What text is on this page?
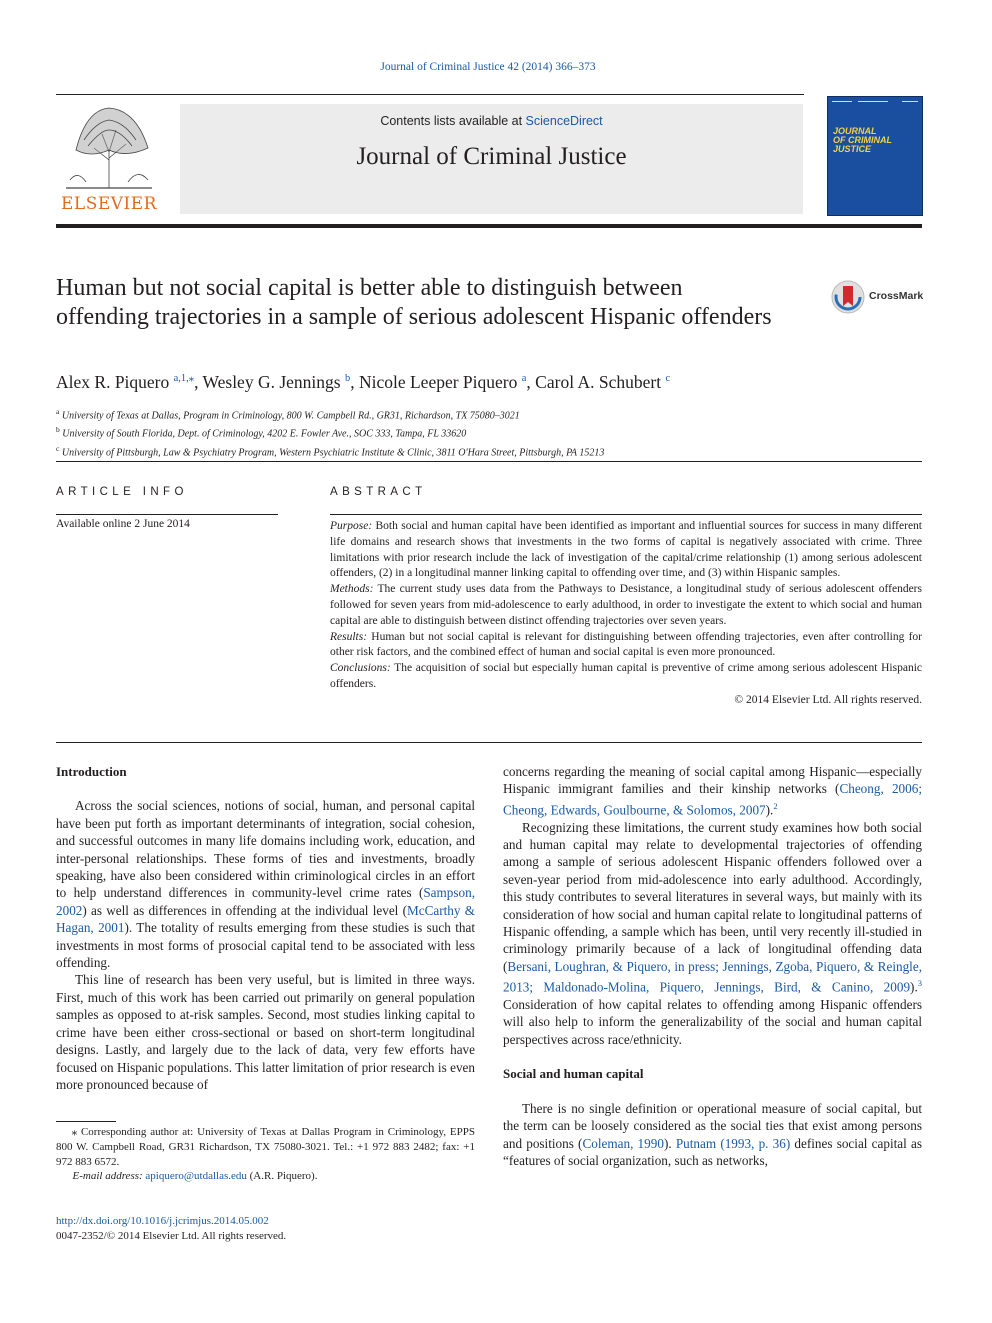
Journal of Criminal Justice 42 (2014) 366–373
ELSEVIER
Contents lists available at ScienceDirect
Journal of Criminal Justice
JOURNAL
OF CRIMINAL
JUSTICE
Human but not social capital is better able to distinguish between offending trajectories in a sample of serious adolescent Hispanic offenders
CrossMark
Alex R. Piquero $^{a,1,⁎}$, Wesley G. Jennings $^b$, Nicole Leeper Piquero $^a$, Carol A. Schubert $^c$
$^a$ University of Texas at Dallas, Program in Criminology, 800 W. Campbell Rd., GR31, Richardson, TX 75080–3021
$^b$ University of South Florida, Dept. of Criminology, 4202 E. Fowler Ave., SOC 333, Tampa, FL 33620
$^c$ University of Pittsburgh, Law & Psychiatry Program, Western Psychiatric Institute & Clinic, 3811 O'Hara Street, Pittsburgh, PA 15213
ARTICLE INFO	ABSTRACT
Available online 2 June 2014	Purpose: Both social and human capital have been identified as important and influential sources for success in many different life domains and research shows that investments in the two forms of capital is negatively associated with crime. Three limitations with prior research include the lack of investigation of the capital/crime relationship (1) among serious adolescent offenders, (2) in a longitudinal manner linking capital to offending over time, and (3) within Hispanic samples.

Methods: The current study uses data from the Pathways to Desistance, a longitudinal study of serious adolescent offenders followed for seven years from mid-adolescence to early adulthood, in order to investigate the extent to which social and human capital are able to distinguish between distinct offending trajectories over seven years.

Results: Human but not social capital is relevant for distinguishing between offending trajectories, even after controlling for other risk factors, and the combined effect of human and social capital is even more pronounced.

Conclusions: The acquisition of social but especially human capital is preventive of crime among serious adolescent Hispanic offenders.

© 2014 Elsevier Ltd. All rights reserved.

Introduction

Across the social sciences, notions of social, human, and personal capital have been put forth as important determinants of integration, social cohesion, and successful outcomes in many life domains including work, education, and inter-personal relationships. These forms of ties and investments, broadly speaking, have also been considered within criminological circles in an effort to help understand differences in community-level crime rates (Sampson, 2002) as well as differences in offending at the individual level (McCarthy & Hagan, 2001). The totality of results emerging from these studies is such that investments in most forms of prosocial capital tend to be associated with less offending.

This line of research has been very useful, but is limited in three ways. First, much of this work has been carried out primarily on general population samples as opposed to at-risk samples. Second, most studies linking capital to crime have been either cross-sectional or based on short-term longitudinal designs. Lastly, and largely due to the lack of data, very few efforts have focused on Hispanic populations. This latter limitation of prior research is even more pronounced because of

concerns regarding the meaning of social capital among Hispanic—especially Hispanic immigrant families and their kinship networks (Cheong, 2006; Cheong, Edwards, Goulbourne, & Solomos, 2007).$^2$

Recognizing these limitations, the current study examines how both social and human capital may relate to developmental trajectories of offending among a sample of serious adolescent Hispanic offenders followed over a seven-year period from mid-adolescence into early adulthood. Accordingly, this study contributes to several literatures in several ways, but mainly with its consideration of how social and human capital relate to longitudinal patterns of Hispanic offending, a sample which has been, until very recently ill-studied in criminology primarily because of a lack of longitudinal offending data (Bersani, Loughran, & Piquero, in press; Jennings, Zgoba, Piquero, & Reingle, 2013; Maldonado-Molina, Piquero, Jennings, Bird, & Canino, 2009).$^3$ Consideration of how capital relates to offending among Hispanic offenders will also help to inform the generalizability of the social and human capital perspectives across race/ethnicity.

Social and human capital

There is no single definition or operational measure of social capital, but the term can be loosely considered as the social ties that exist among persons and positions (Coleman, 1990). Putnam (1993, p. 36) defines social capital as “features of social organization, such as networks,

⁎ Corresponding author at: University of Texas at Dallas Program in Criminology, EPPS 800 W. Campbell Road, GR31 Richardson, TX 75080-3021. Tel.: +1 972 883 2482; fax: +1 972 883 6572.

E-mail address: apiquero@utdallas.edu (A.R. Piquero).

http://dx.doi.org/10.1016/j.jcrimjus.2014.05.002
0047-2352/© 2014 Elsevier Ltd. All rights reserved.
